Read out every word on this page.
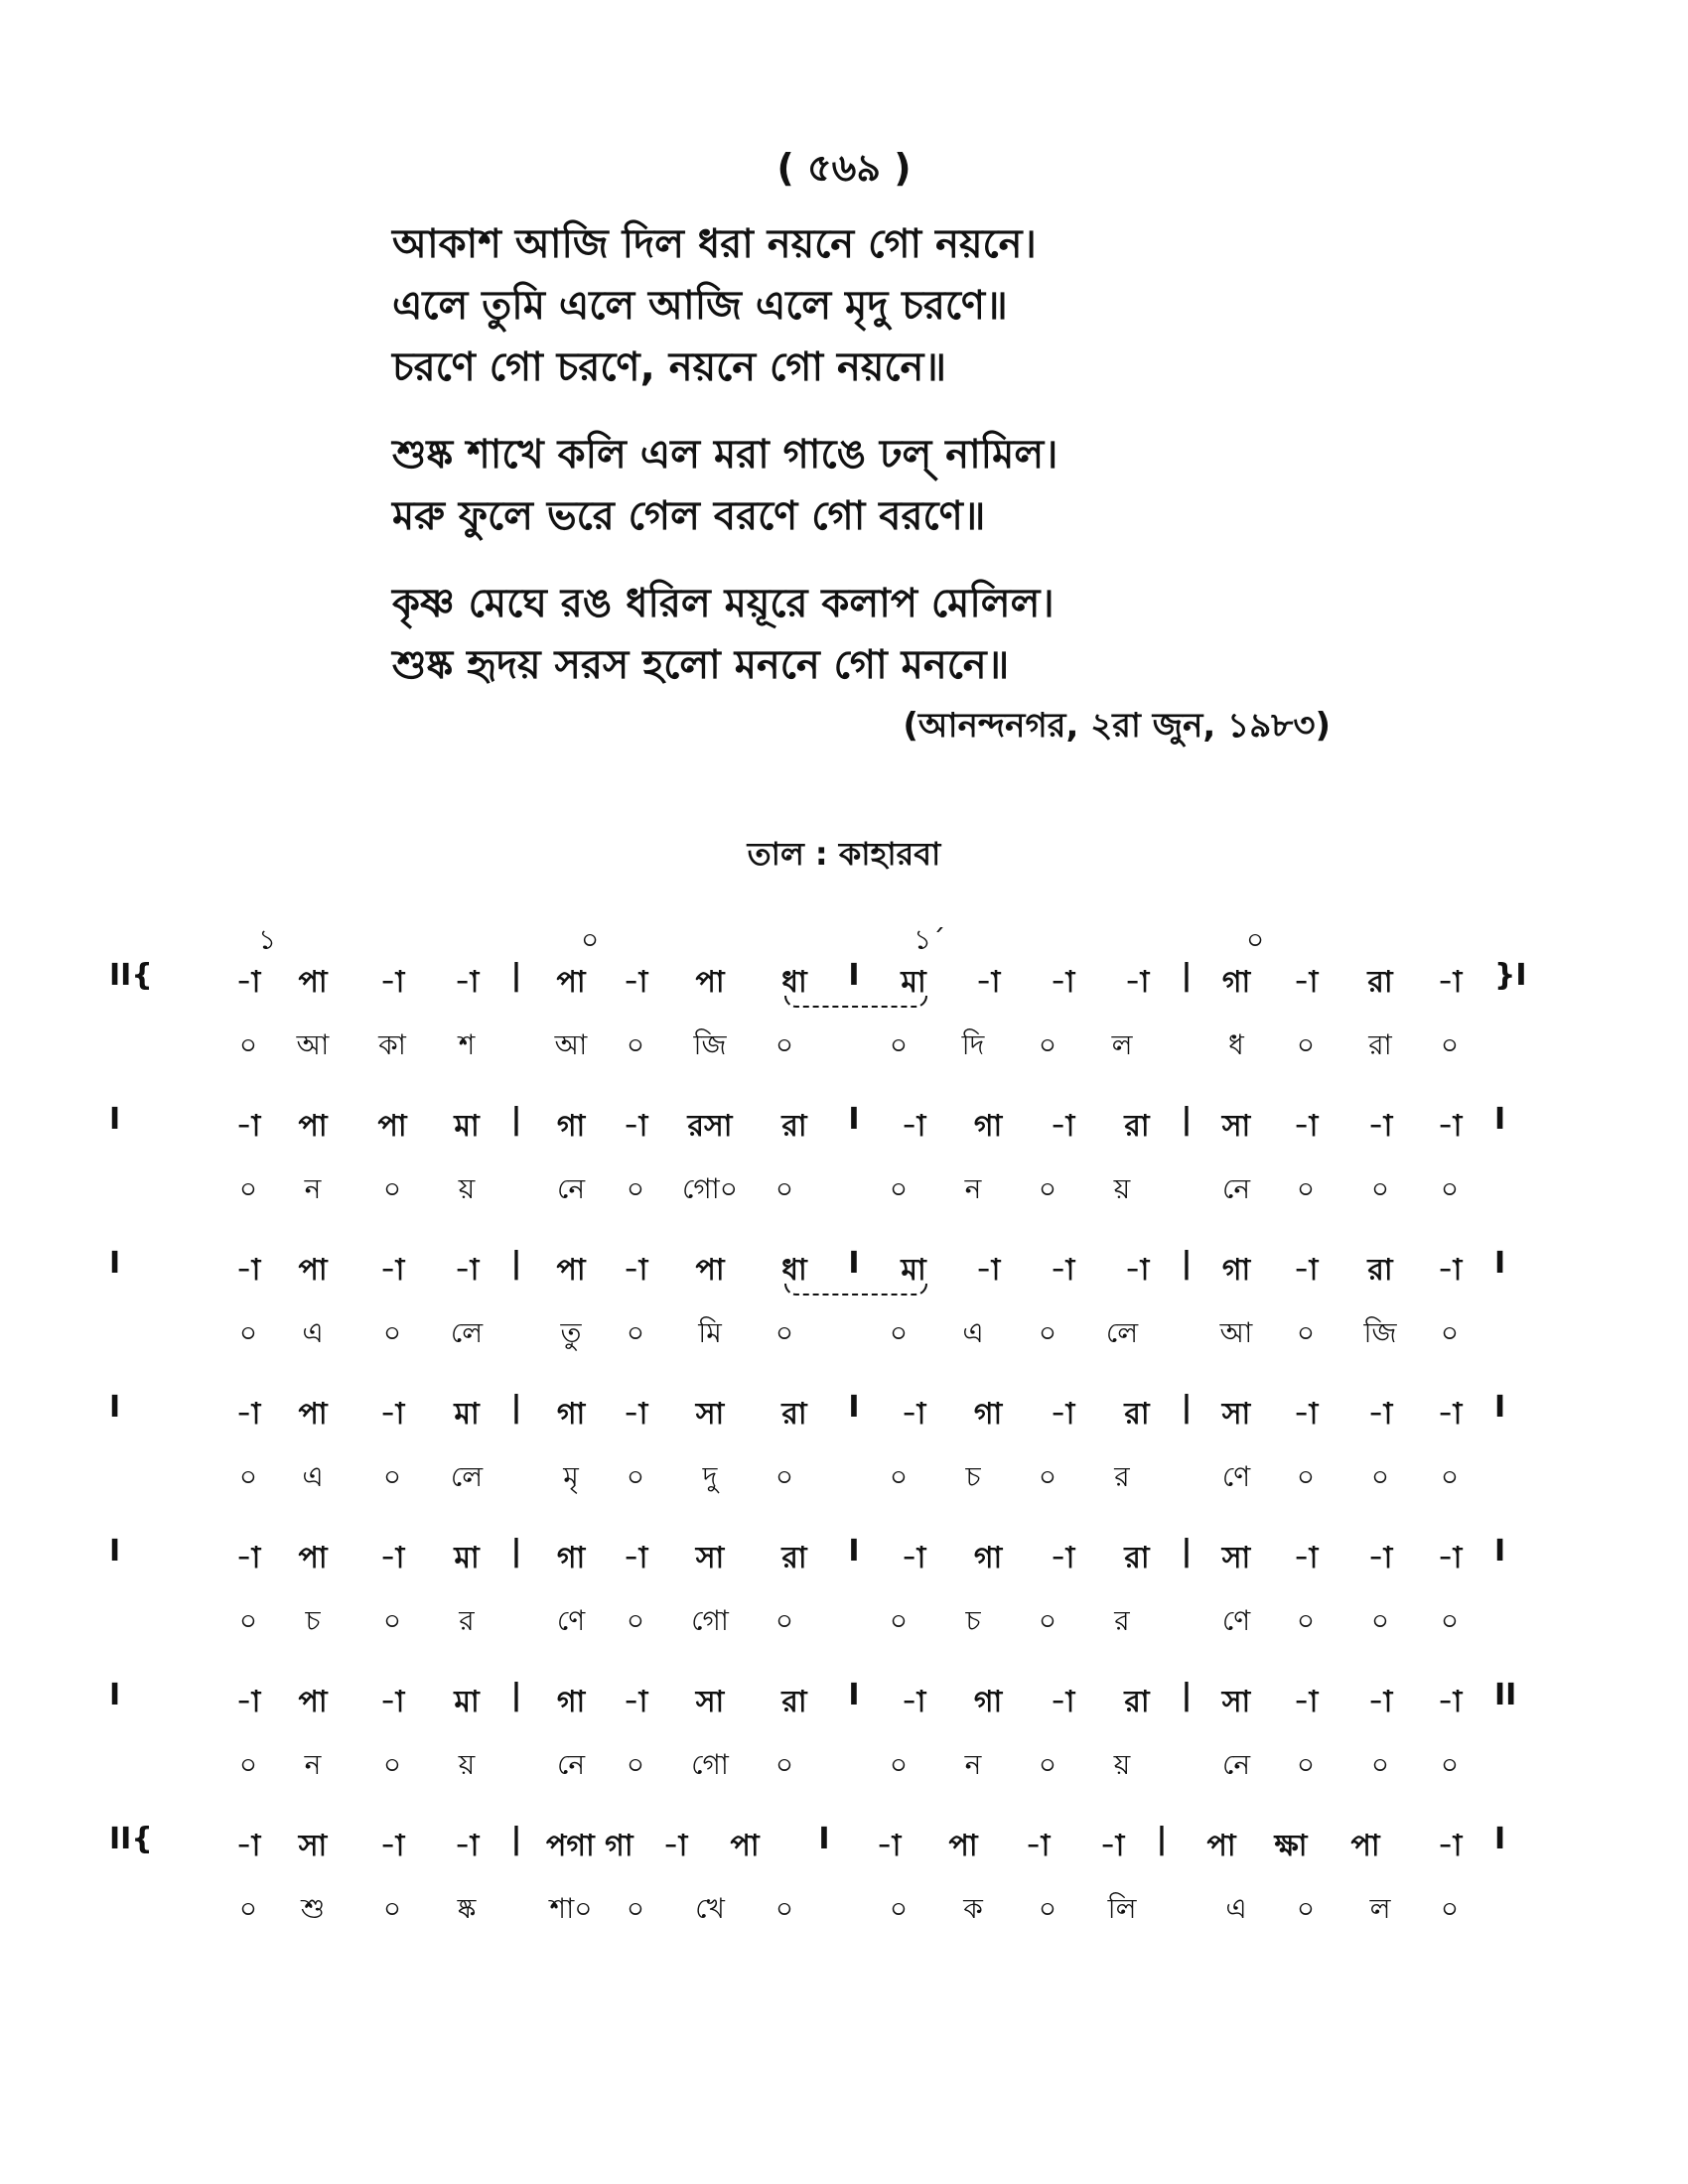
( ৫৬৯ )
আকাশ আজি দিল ধরা নয়নে গো নয়নে।
এলে তুমি এলে আজি এলে মৃদু চরণে॥
চরণে গো চরণে, নয়নে গো নয়নে॥
শুষ্ক শাখে কলি এল মরা গাঙে ঢল্ নামিল।
মরু ফুলে ভরে গেল বরণে গো বরণে॥
কৃষ্ণ মেঘে রঙ ধরিল ময়ূরে কলাপ মেলিল।
শুষ্ক হৃদয় সরস হলো মননে গো মননে॥
(আনন্দনগর, ২রা জুন, ১৯৮৩)
তাল : কাহারবা
১	০	১´	০
II{	-া	পা	-া	-া	|	পা	-া	পা	ধা	I	মা	-া	-া	-া	|	গা	-া	রা	-া	}I
০	আ	কা	শ	আ	০	জি	০	০	দি	০	ল	ধ	০	রা	০
I	-া	পা	পা	মা	|	গা	-া	রসা	রা	I	-া	গা	-া	রা	|	সা	-া	-া	-া	I
০	ন	০	য়	নে	০	গো০	০	০	ন	০	য়	নে	০	০	০
I	-া	পা	-া	-া	|	পা	-া	পা	ধা	I	মা	-া	-া	-া	|	গা	-া	রা	-া	I
০	এ	০	লে	তু	০	মি	০	০	এ	০	লে	আ	০	জি	০
I	-া	পা	-া	মা	|	গা	-া	সা	রা	I	-া	গা	-া	রা	|	সা	-া	-া	-া	I
০	এ	০	লে	মৃ	০	দু	০	০	চ	০	র	ণে	০	০	০
I	-া	পা	-া	মা	|	গা	-া	সা	রা	I	-া	গা	-া	রা	|	সা	-া	-া	-া	I
০	চ	০	র	ণে	০	গো	০	০	চ	০	র	ণে	০	০	০
I	-া	পা	-া	মা	|	গা	-া	সা	রা	I	-া	গা	-া	রা	|	সা	-া	-া	-া	II
০	ন	০	য়	নে	০	গো	০	০	ন	০	য়	নে	০	০	০
II{	-া	সা	-া	-া	| পগা গা	-া	পা	I	-া	পা	-া	-া	|	পা	ক্ষা	পা	-া	I
০	শু	০	ষ্ক	শা০	০	খে	০	০	ক	০	লি	এ	০	ল	০
